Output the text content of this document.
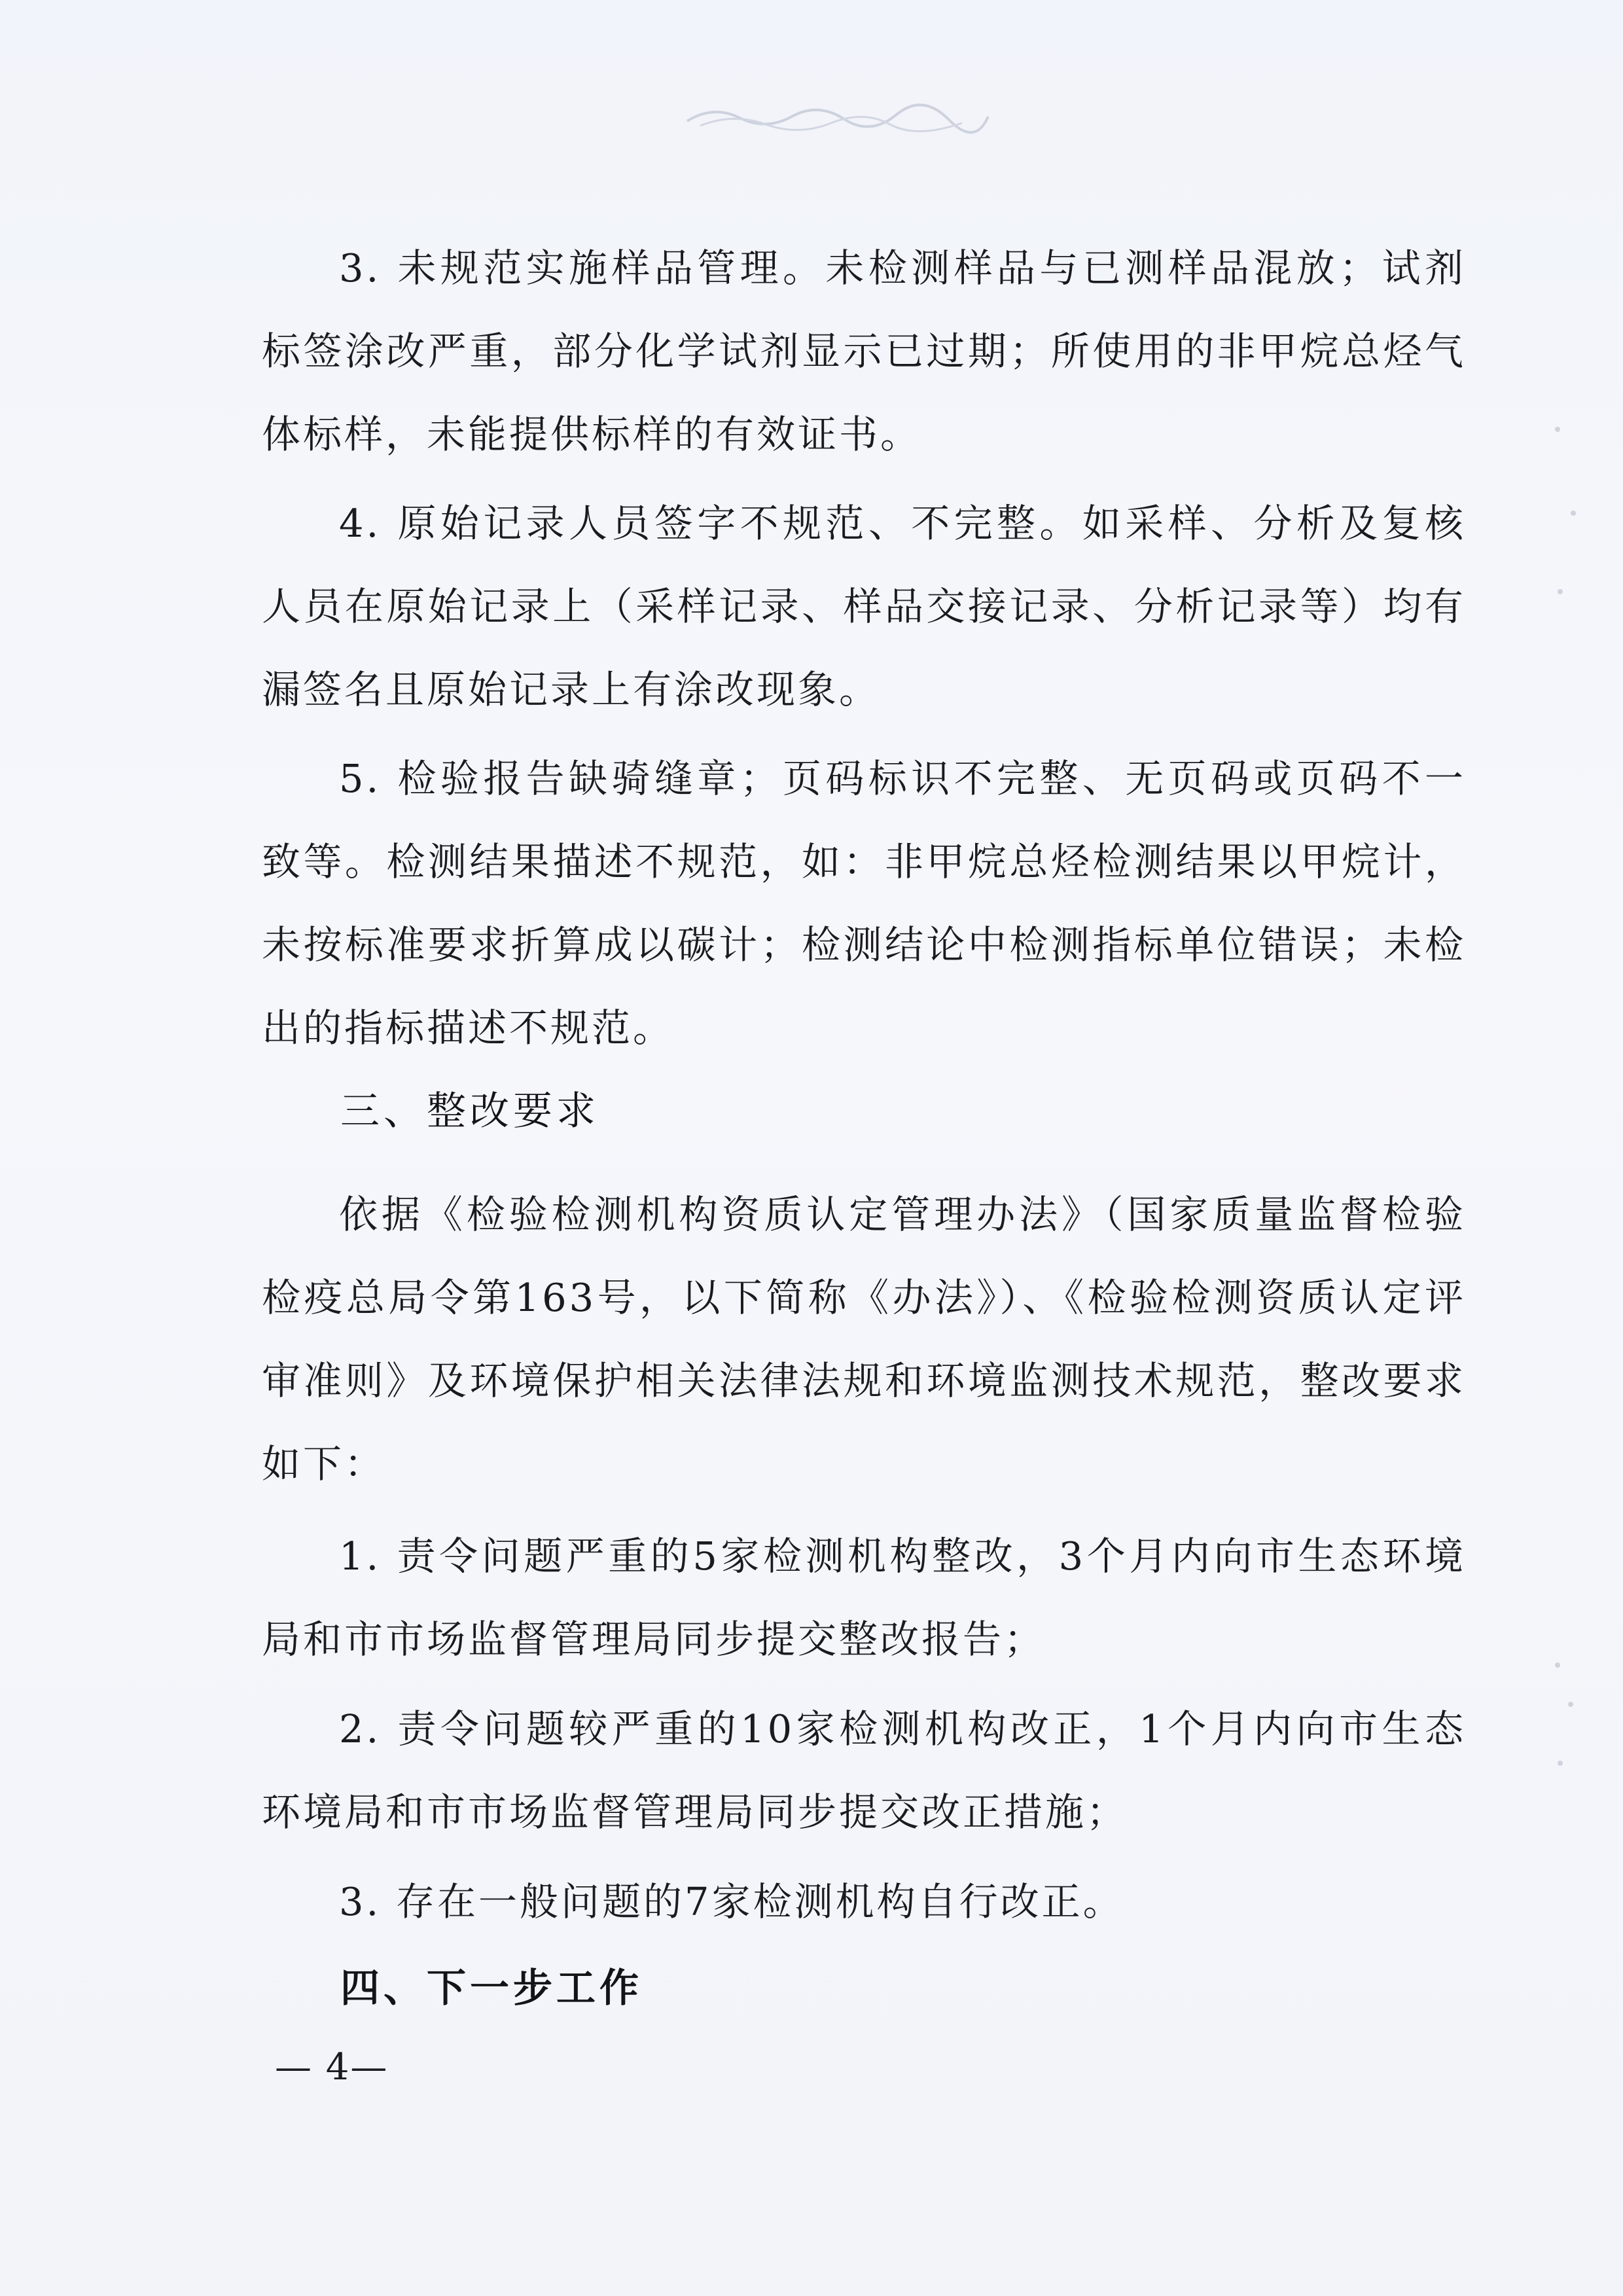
3. 未规范实施样品管理。未检测样品与已测样品混放；试剂标签涂改严重，部分化学试剂显示已过期；所使用的非甲烷总烃气体标样，未能提供标样的有效证书。

4. 原始记录人员签字不规范、不完整。如采样、分析及复核人员在原始记录上（采样记录、样品交接记录、分析记录等）均有漏签名且原始记录上有涂改现象。

5. 检验报告缺骑缝章；页码标识不完整、无页码或页码不一致等。检测结果描述不规范，如：非甲烷总烃检测结果以甲烷计，未按标准要求折算成以碳计；检测结论中检测指标单位错误；未检出的指标描述不规范。

三、整改要求

依据《检验检测机构资质认定管理办法》（国家质量监督检验检疫总局令第163号，以下简称《办法》）、《检验检测资质认定评审准则》及环境保护相关法律法规和环境监测技术规范，整改要求如下：

1. 责令问题严重的5家检测机构整改，3个月内向市生态环境局和市市场监督管理局同步提交整改报告；

2. 责令问题较严重的10家检测机构改正，1个月内向市生态环境局和市市场监督管理局同步提交改正措施；

3. 存在一般问题的7家检测机构自行改正。

四、下一步工作

— 4—
